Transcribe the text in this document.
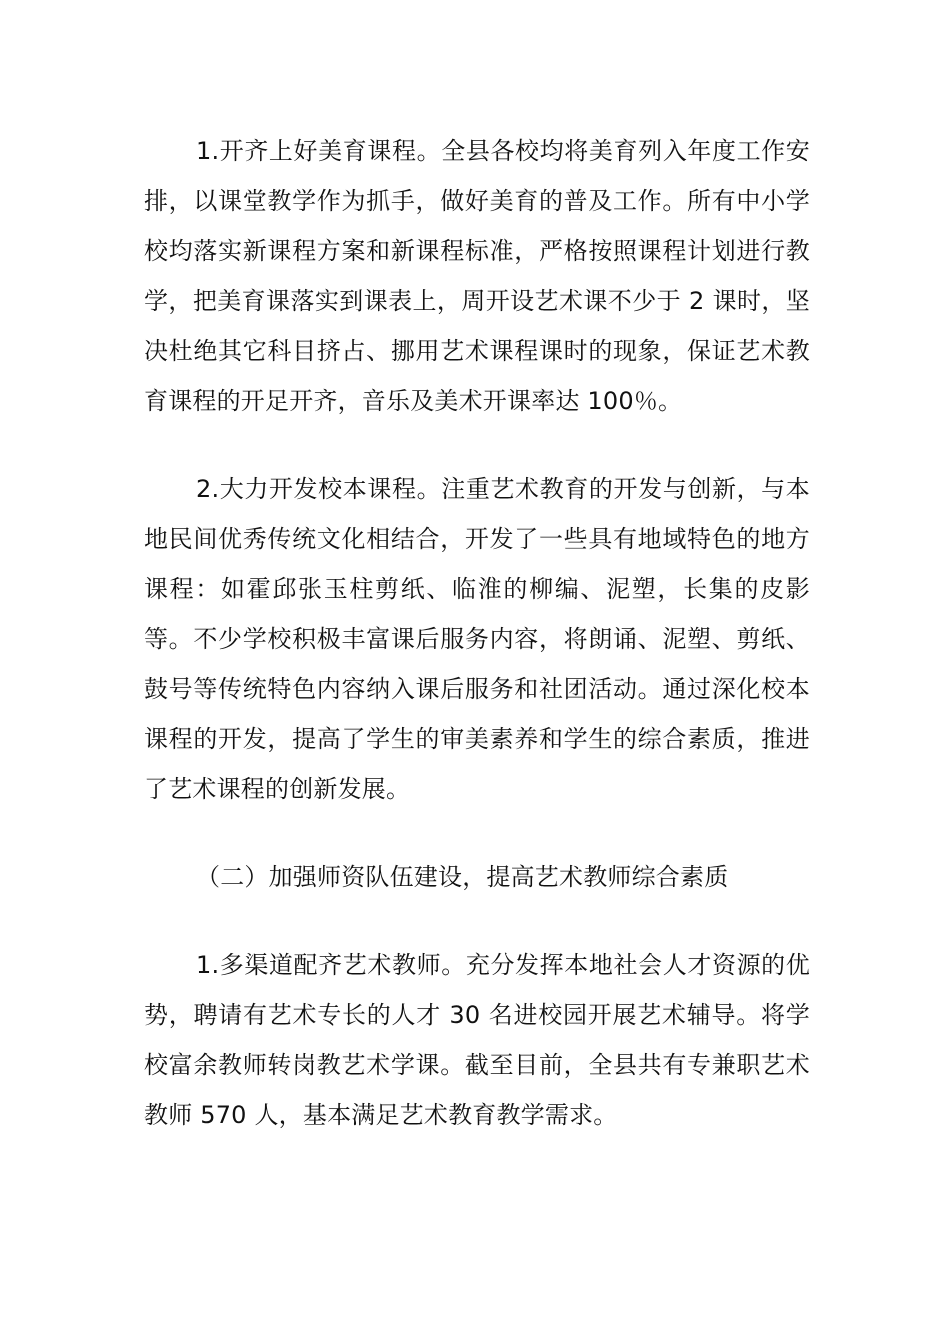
1.开齐上好美育课程。全县各校均将美育列入年度工作安排，以课堂教学作为抓手，做好美育的普及工作。所有中小学校均落实新课程方案和新课程标准，严格按照课程计划进行教学，把美育课落实到课表上，周开设艺术课不少于 2 课时，坚决杜绝其它科目挤占、挪用艺术课程课时的现象，保证艺术教育课程的开足开齐，音乐及美术开课率达 100％。

2.大力开发校本课程。注重艺术教育的开发与创新，与本地民间优秀传统文化相结合，开发了一些具有地域特色的地方课程：如霍邱张玉柱剪纸、临淮的柳编、泥塑，长集的皮影等。不少学校积极丰富课后服务内容，将朗诵、泥塑、剪纸、鼓号等传统特色内容纳入课后服务和社团活动。通过深化校本课程的开发，提高了学生的审美素养和学生的综合素质，推进了艺术课程的创新发展。

（二）加强师资队伍建设，提高艺术教师综合素质

1.多渠道配齐艺术教师。充分发挥本地社会人才资源的优势，聘请有艺术专长的人才 30 名进校园开展艺术辅导。将学校富余教师转岗教艺术学课。截至目前，全县共有专兼职艺术教师 570 人，基本满足艺术教育教学需求。
